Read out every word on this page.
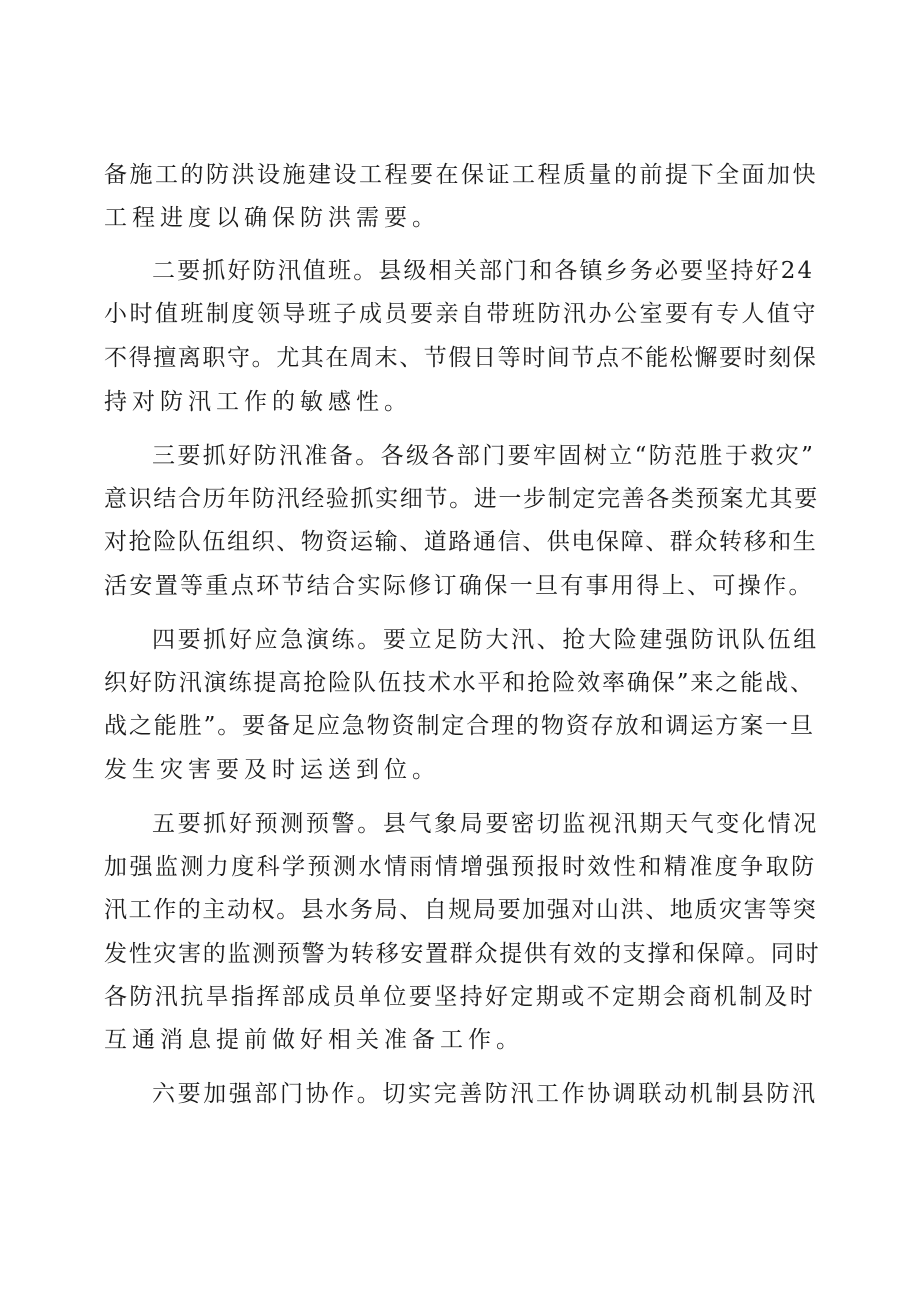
备施工的防洪设施建设工程要在保证工程质量的前提下全面加快
工程进度以确保防洪需要。
二要抓好防汛值班。县级相关部门和各镇乡务必要坚持好24
小时值班制度领导班子成员要亲自带班防汛办公室要有专人值守
不得擅离职守。尤其在周末、节假日等时间节点不能松懈要时刻保
持对防汛工作的敏感性。
三要抓好防汛准备。各级各部门要牢固树立“防范胜于救灾”
意识结合历年防汛经验抓实细节。进一步制定完善各类预案尤其要
对抢险队伍组织、物资运输、道路通信、供电保障、群众转移和生
活安置等重点环节结合实际修订确保一旦有事用得上、可操作。
四要抓好应急演练。要立足防大汛、抢大险建强防讯队伍组
织好防汛演练提高抢险队伍技术水平和抢险效率确保”来之能战、
战之能胜”。要备足应急物资制定合理的物资存放和调运方案一旦
发生灾害要及时运送到位。
五要抓好预测预警。县气象局要密切监视汛期天气变化情况
加强监测力度科学预测水情雨情增强预报时效性和精准度争取防
汛工作的主动权。县水务局、自规局要加强对山洪、地质灾害等突
发性灾害的监测预警为转移安置群众提供有效的支撑和保障。同时
各防汛抗旱指挥部成员单位要坚持好定期或不定期会商机制及时
互通消息提前做好相关准备工作。
六要加强部门协作。切实完善防汛工作协调联动机制县防汛
